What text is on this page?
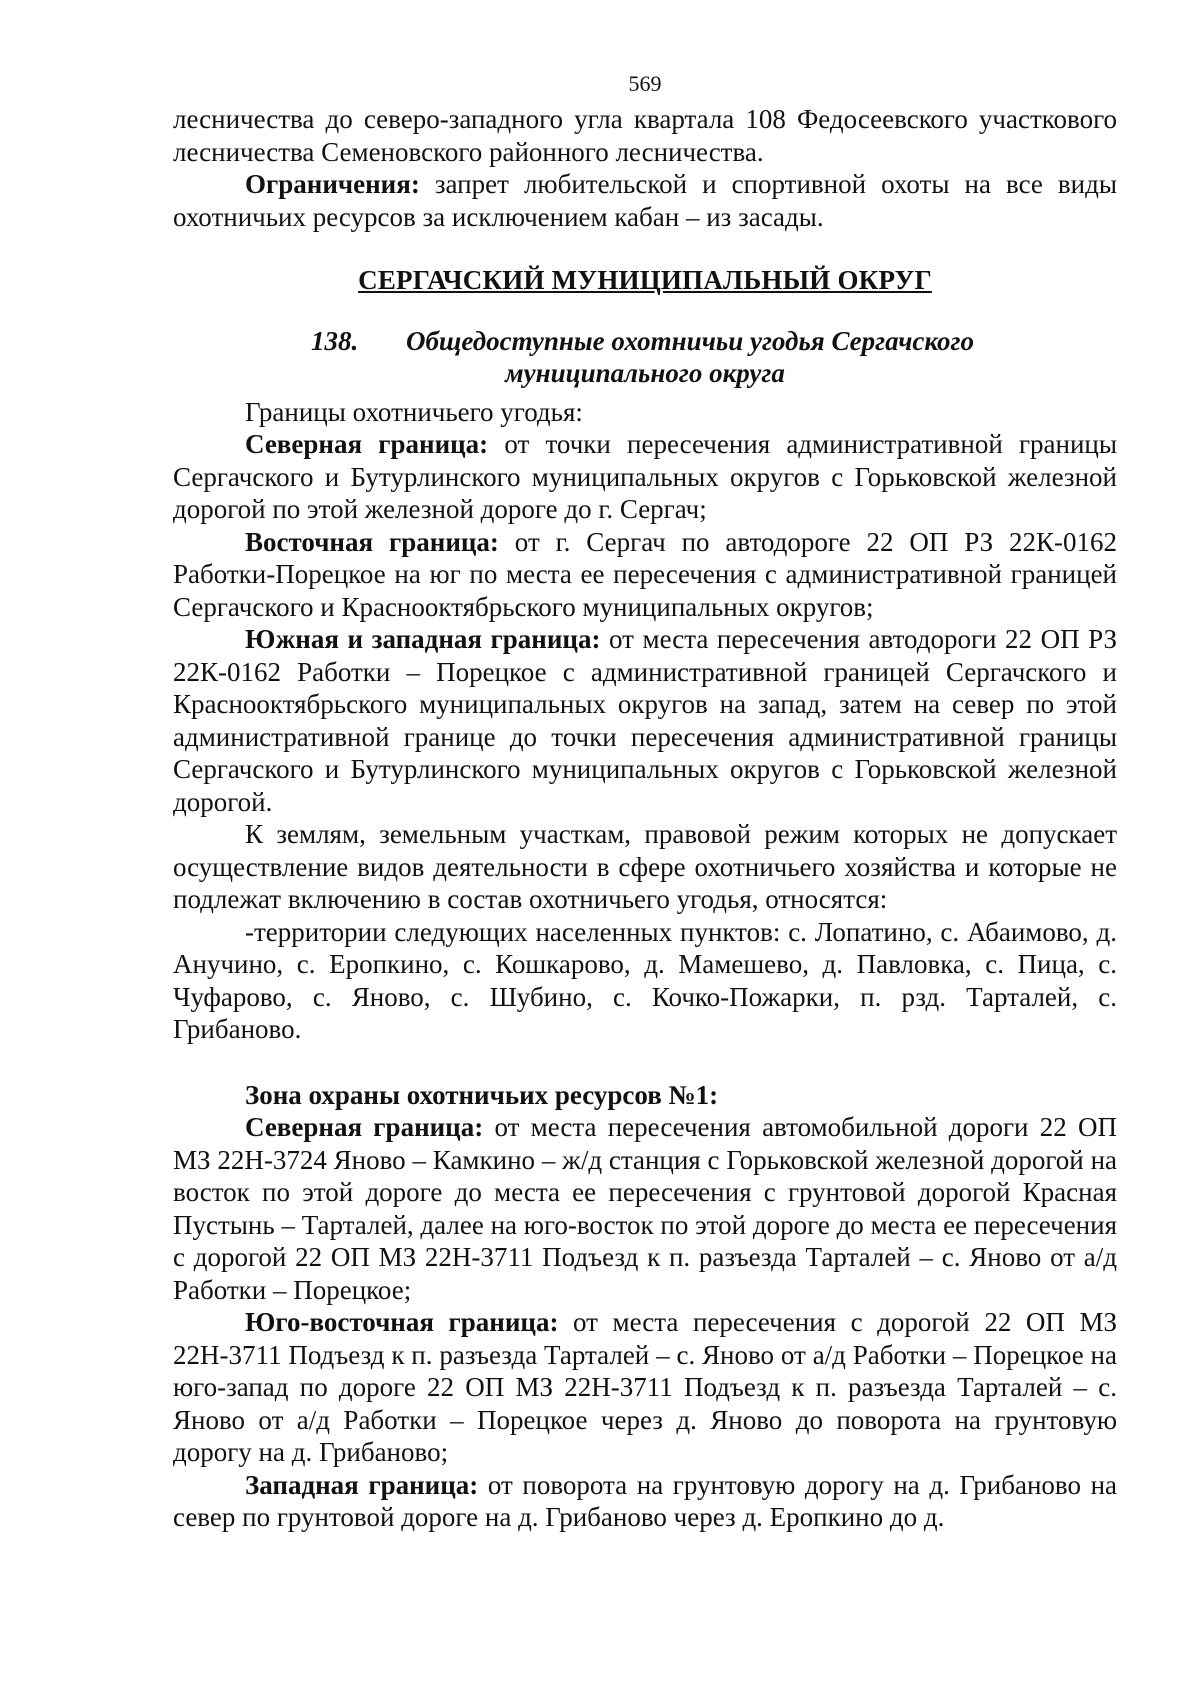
569

лесничества до северо-западного угла квартала 108 Федосеевского участкового лесничества Семеновского районного лесничества.

Ограничения: запрет любительской и спортивной охоты на все виды охотничьих ресурсов за исключением кабан – из засады.

СЕРГАЧСКИЙ МУНИЦИПАЛЬНЫЙ ОКРУГ
138. Общедоступные охотничьи угодья Сергачского
муниципального округа

Границы охотничьего угодья:

Северная граница: от точки пересечения административной границы Сергачского и Бутурлинского муниципальных округов с Горьковской железной дорогой по этой железной дороге до г. Сергач;

Восточная граница: от г. Сергач по автодороге 22 ОП РЗ 22К-0162 Работки-Порецкое на юг по места ее пересечения с административной границей Сергачского и Краснооктябрьского муниципальных округов;

Южная и западная граница: от места пересечения автодороги 22 ОП РЗ 22К-0162 Работки – Порецкое с административной границей Сергачского и Краснооктябрьского муниципальных округов на запад, затем на север по этой административной границе до точки пересечения административной границы Сергачского и Бутурлинского муниципальных округов с Горьковской железной дорогой.

К землям, земельным участкам, правовой режим которых не допускает осуществление видов деятельности в сфере охотничьего хозяйства и которые не подлежат включению в состав охотничьего угодья, относятся:

-территории следующих населенных пунктов: с. Лопатино, с. Абаимово, д. Анучино, с. Еропкино, с. Кошкарово, д. Мамешево, д. Павловка, с. Пица, с. Чуфарово, с. Яново, с. Шубино, с. Кочко-Пожарки, п. рзд. Тарталей, с. Грибаново.

Зона охраны охотничьих ресурсов №1:

Северная граница: от места пересечения автомобильной дороги 22 ОП МЗ 22Н-3724 Яново – Камкино – ж/д станция с Горьковской железной дорогой на восток по этой дороге до места ее пересечения с грунтовой дорогой Красная Пустынь – Тарталей, далее на юго-восток по этой дороге до места ее пересечения с дорогой 22 ОП МЗ 22Н-3711 Подъезд к п. разъезда Тарталей – с. Яново от а/д Работки – Порецкое;

Юго-восточная граница: от места пересечения с дорогой 22 ОП МЗ 22Н-3711 Подъезд к п. разъезда Тарталей – с. Яново от а/д Работки – Порецкое на юго-запад по дороге 22 ОП МЗ 22Н-3711 Подъезд к п. разъезда Тарталей – с. Яново от а/д Работки – Порецкое через д. Яново до поворота на грунтовую дорогу на д. Грибаново;

Западная граница: от поворота на грунтовую дорогу на д. Грибаново на север по грунтовой дороге на д. Грибаново через д. Еропкино до д.
